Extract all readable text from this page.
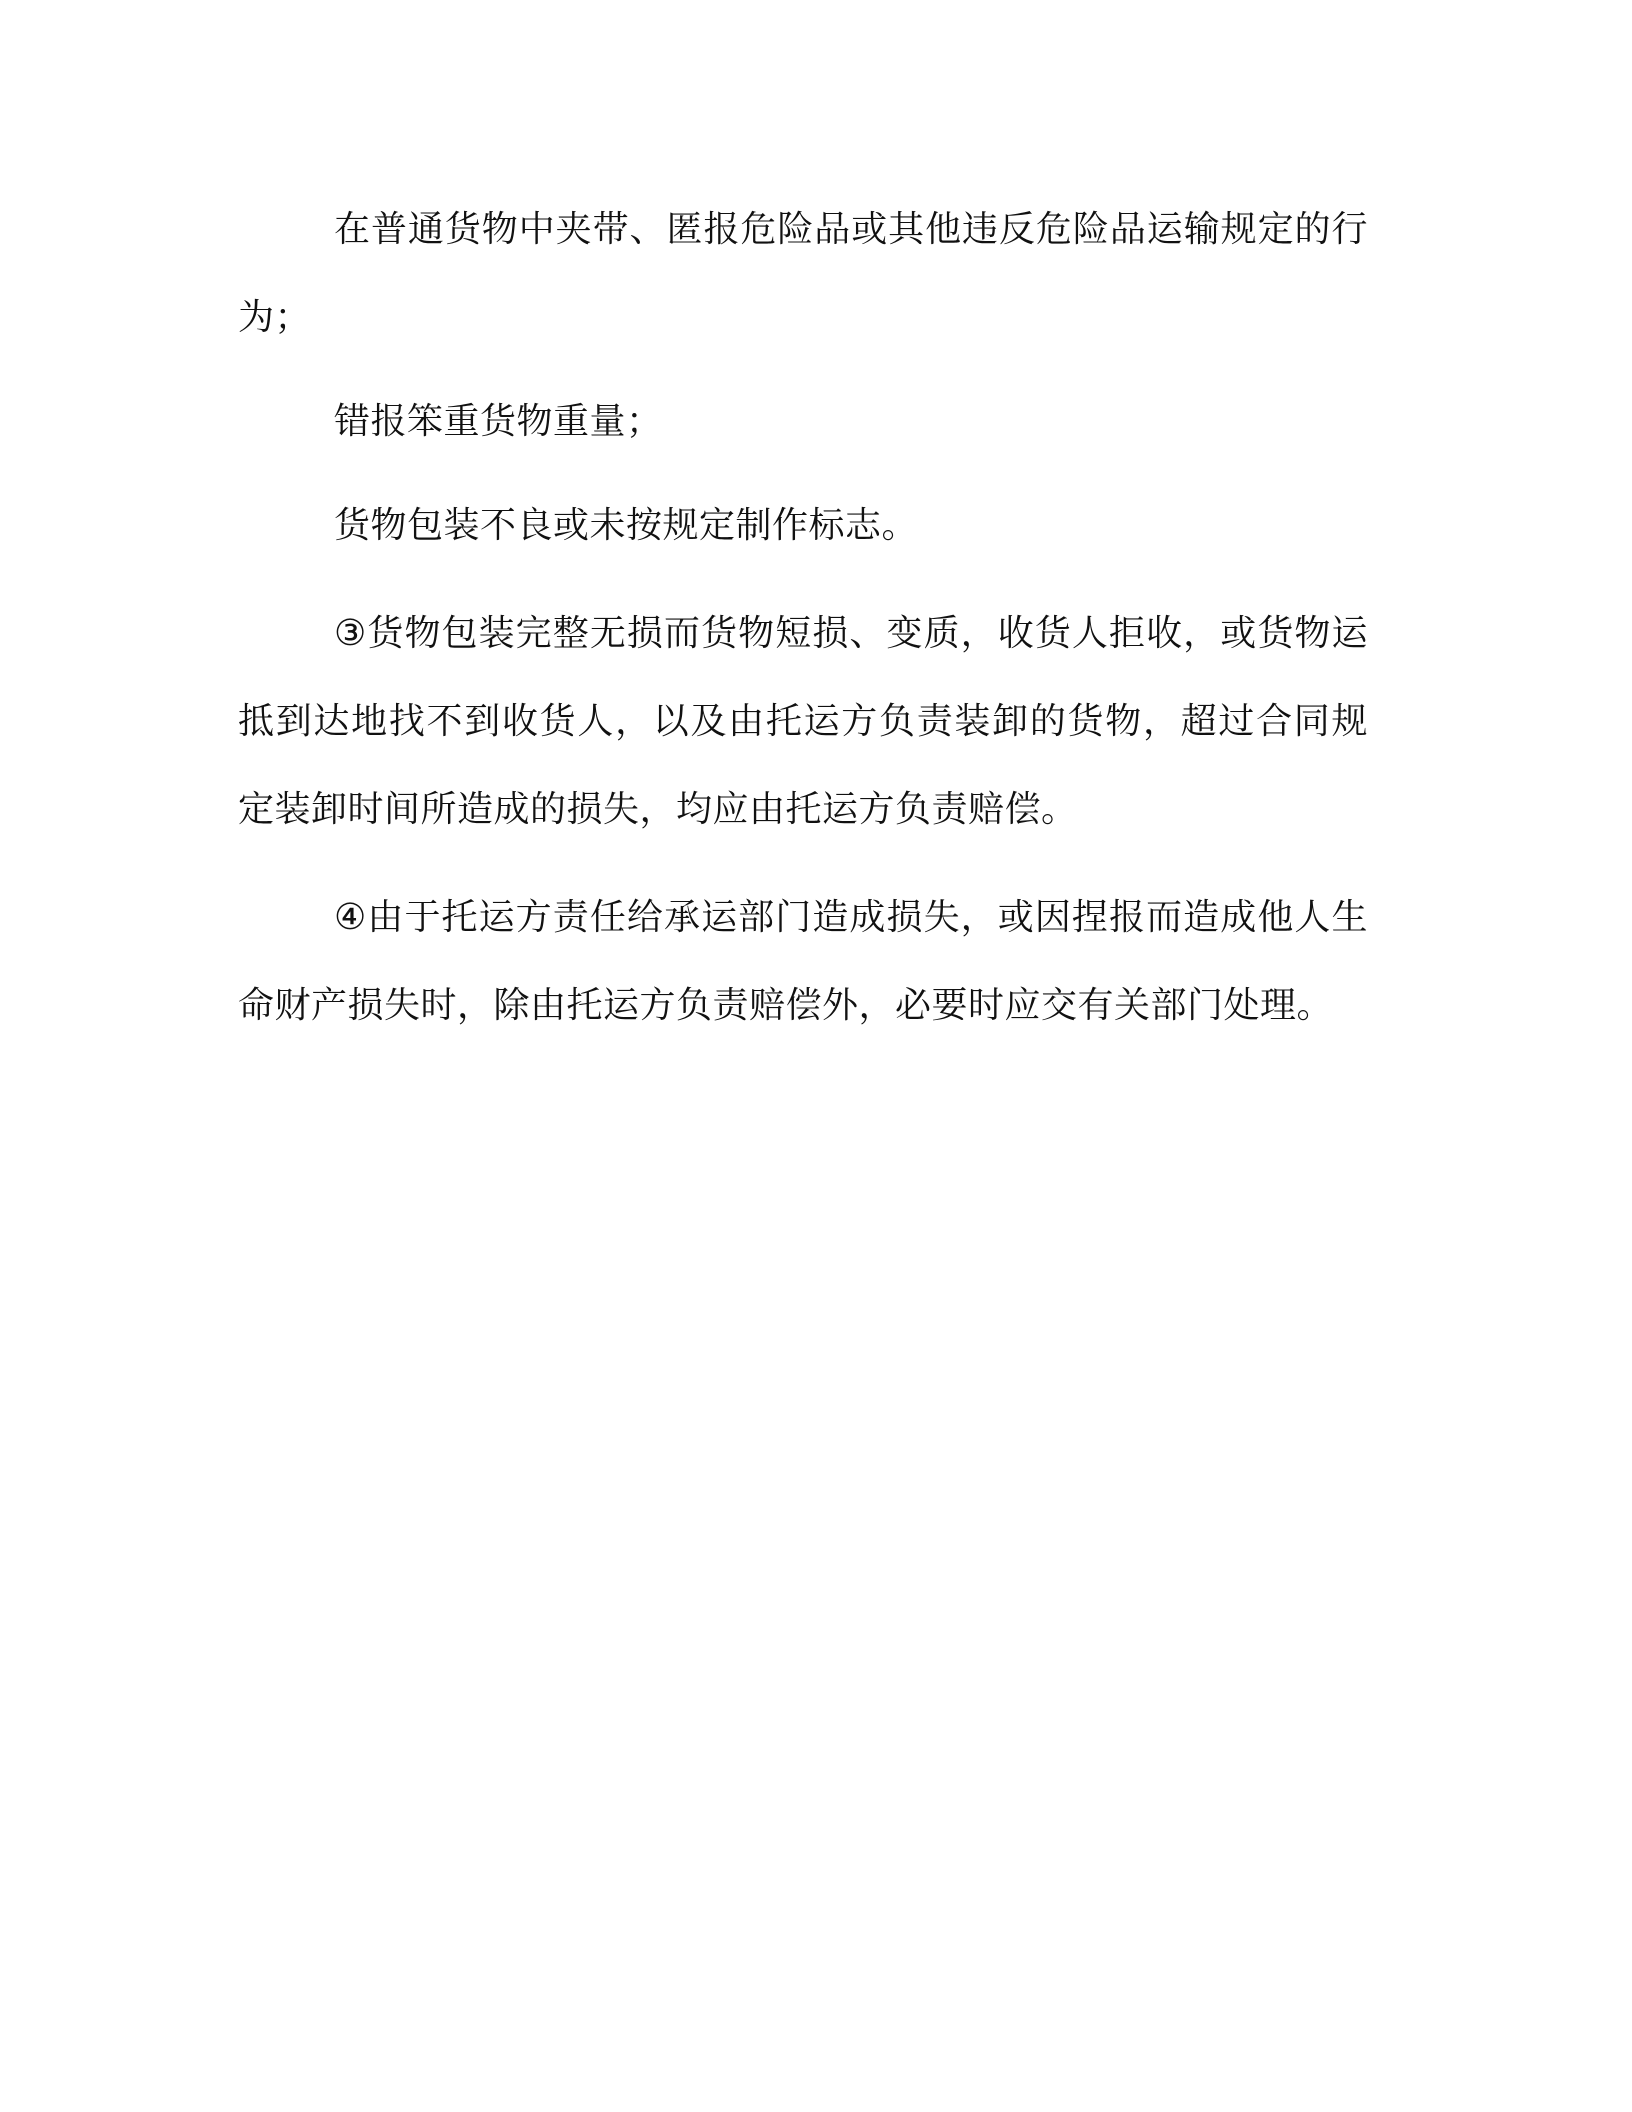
在普通货物中夹带、匿报危险品或其他违反危险品运输规定的行为；

错报笨重货物重量；

货物包装不良或未按规定制作标志。

③货物包装完整无损而货物短损、变质，收货人拒收，或货物运抵到达地找不到收货人，以及由托运方负责装卸的货物，超过合同规定装卸时间所造成的损失，均应由托运方负责赔偿。

④由于托运方责任给承运部门造成损失，或因捏报而造成他人生命财产损失时，除由托运方负责赔偿外，必要时应交有关部门处理。
